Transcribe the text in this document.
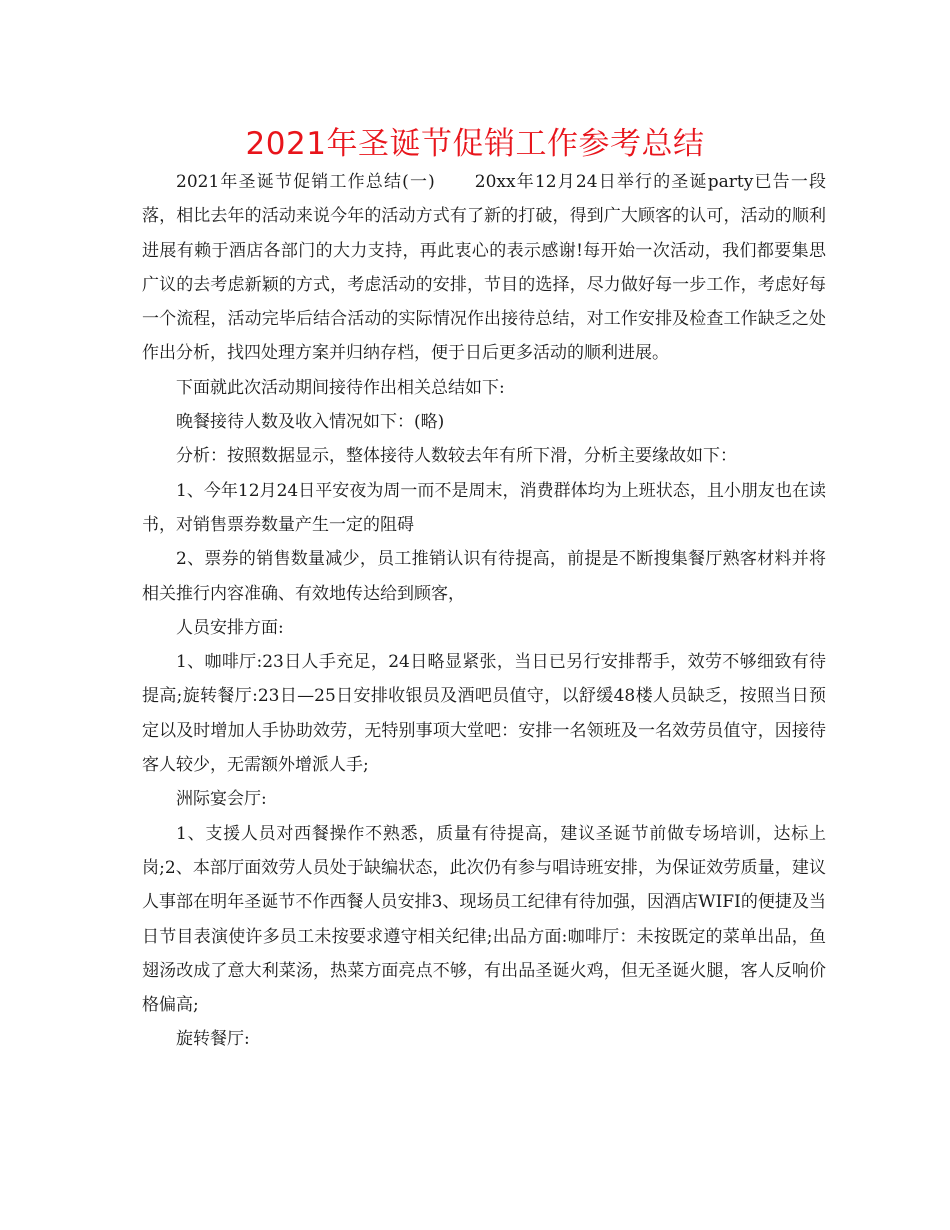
2021年圣诞节促销工作参考总结

2021年圣诞节促销工作总结(一) 20xx年12月24日举行的圣诞party已告一段落，相比去年的活动来说今年的活动方式有了新的打破，得到广大顾客的认可，活动的顺利进展有赖于酒店各部门的大力支持，再此衷心的表示感谢!每开始一次活动，我们都要集思广议的去考虑新颖的方式，考虑活动的安排，节目的选择，尽力做好每一步工作，考虑好每一个流程，活动完毕后结合活动的实际情况作出接待总结，对工作安排及检查工作缺乏之处作出分析，找四处理方案并归纳存档，便于日后更多活动的顺利进展。

下面就此次活动期间接待作出相关总结如下:

晚餐接待人数及收入情况如下：(略)

分析：按照数据显示，整体接待人数较去年有所下滑，分析主要缘故如下：

1、今年12月24日平安夜为周一而不是周末，消费群体均为上班状态，且小朋友也在读书，对销售票券数量产生一定的阻碍

2、票券的销售数量减少，员工推销认识有待提高，前提是不断搜集餐厅熟客材料并将相关推行内容准确、有效地传达给到顾客，

人员安排方面:

1、咖啡厅:23日人手充足，24日略显紧张，当日已另行安排帮手，效劳不够细致有待提高;旋转餐厅:23日—25日安排收银员及酒吧员值守，以舒缓48楼人员缺乏，按照当日预定以及时增加人手协助效劳，无特别事项大堂吧：安排一名领班及一名效劳员值守，因接待客人较少，无需额外增派人手;

洲际宴会厅:

1、支援人员对西餐操作不熟悉，质量有待提高，建议圣诞节前做专场培训，达标上岗;2、本部厅面效劳人员处于缺编状态，此次仍有参与唱诗班安排，为保证效劳质量，建议人事部在明年圣诞节不作西餐人员安排3、现场员工纪律有待加强，因酒店WIFI的便捷及当日节目表演使许多员工未按要求遵守相关纪律;出品方面:咖啡厅：未按既定的菜单出品，鱼翅汤改成了意大利菜汤，热菜方面亮点不够，有出品圣诞火鸡，但无圣诞火腿，客人反响价格偏高;

旋转餐厅:
